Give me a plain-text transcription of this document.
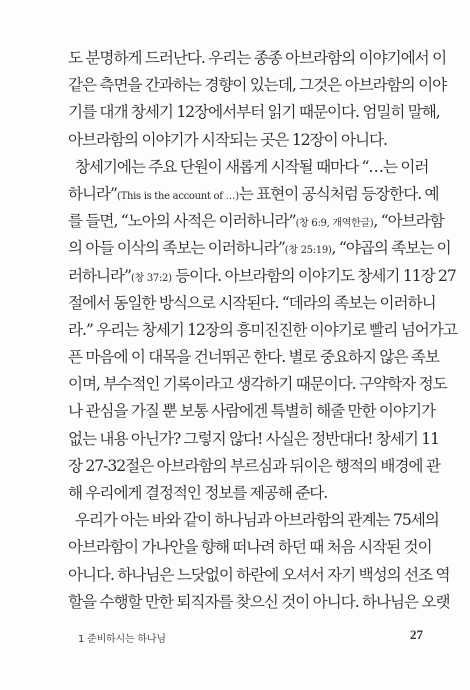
도 분명하게 드러난다. 우리는 종종 아브라함의 이야기에서 이
같은 측면을 간과하는 경향이 있는데, 그것은 아브라함의 이야
기를 대개 창세기 12장에서부터 읽기 때문이다. 엄밀히 말해,
아브라함의 이야기가 시작되는 곳은 12장이 아니다.
창세기에는 주요 단원이 새롭게 시작될 때마다 “…는 이러
하니라”(This is the account of …)는 표현이 공식처럼 등장한다. 예
를 들면, “노아의 사적은 이러하니라”(창 6:9, 개역한글), “아브라함
의 아들 이삭의 족보는 이러하니라”(창 25:19), “야곱의 족보는 이
러하니라”(창 37:2) 등이다. 아브라함의 이야기도 창세기 11장 27
절에서 동일한 방식으로 시작된다. “데라의 족보는 이러하니
라.” 우리는 창세기 12장의 흥미진진한 이야기로 빨리 넘어가고
픈 마음에 이 대목을 건너뛰곤 한다. 별로 중요하지 않은 족보
이며, 부수적인 기록이라고 생각하기 때문이다. 구약학자 정도
나 관심을 가질 뿐 보통 사람에겐 특별히 해줄 만한 이야기가
없는 내용 아닌가? 그렇지 않다! 사실은 정반대다! 창세기 11
장 27-32절은 아브라함의 부르심과 뒤이은 행적의 배경에 관
해 우리에게 결정적인 정보를 제공해 준다.
우리가 아는 바와 같이 하나님과 아브라함의 관계는 75세의
아브라함이 가나안을 향해 떠나려 하던 때 처음 시작된 것이
아니다. 하나님은 느닷없이 하란에 오셔서 자기 백성의 선조 역
할을 수행할 만한 퇴직자를 찾으신 것이 아니다. 하나님은 오랫
1 준비하시는 하나님	27
